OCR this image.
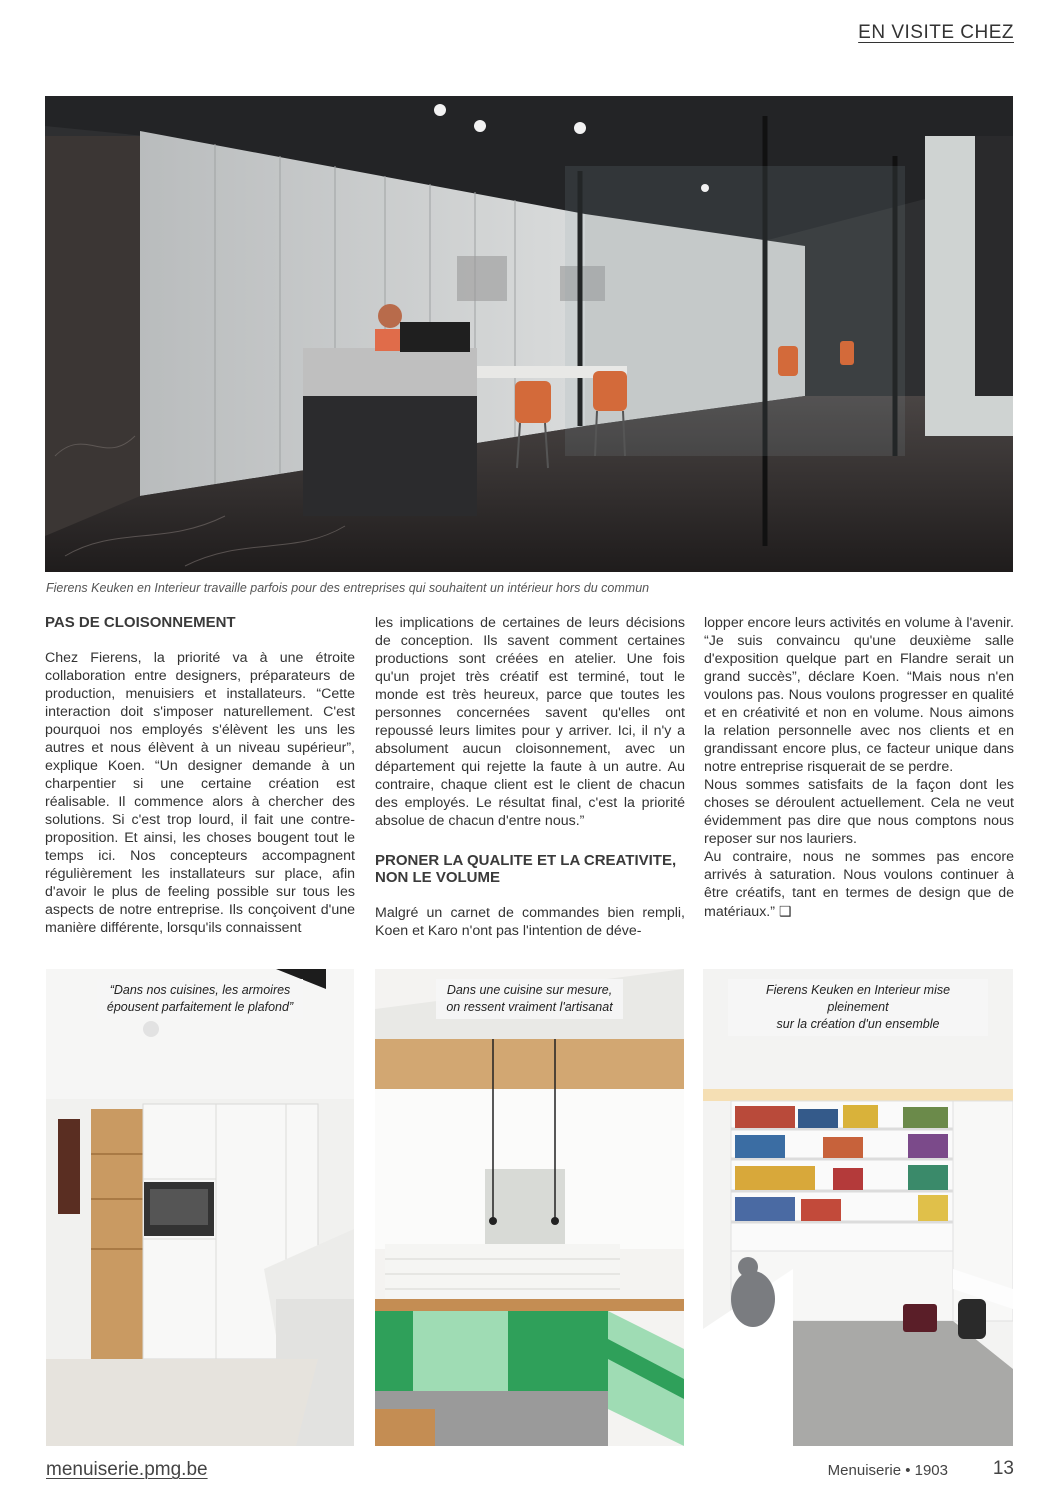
EN VISITE CHEZ
Fierens Keuken en Interieur travaille parfois pour des entreprises qui souhaitent un intérieur hors du commun
PAS DE CLOISONNEMENT

Chez Fierens, la priorité va à une étroite collaboration entre designers, préparateurs de production, menuisiers et installateurs. “Cette interaction doit s'imposer naturellement. C'est pourquoi nos employés s'élèvent les uns les autres et nous élèvent à un niveau supérieur”, explique Koen. “Un designer demande à un charpentier si une certaine création est réalisable. Il commence alors à chercher des solutions. Si c'est trop lourd, il fait une contre-proposition. Et ainsi, les choses bougent tout le temps ici. Nos concepteurs accompagnent régulièrement les installateurs sur place, afin d'avoir le plus de feeling possible sur tous les aspects de notre entreprise. Ils conçoivent d'une manière différente, lorsqu'ils connaissent

les implications de certaines de leurs décisions de conception. Ils savent comment certaines productions sont créées en atelier. Une fois qu'un projet très créatif est terminé, tout le monde est très heureux, parce que toutes les personnes concernées savent qu'elles ont repoussé leurs limites pour y arriver. Ici, il n'y a absolument aucun cloisonnement, avec un département qui rejette la faute à un autre. Au contraire, chaque client est le client de chacun des employés. Le résultat final, c'est la priorité absolue de chacun d'entre nous.”

PRONER LA QUALITE ET LA CREATIVITE, NON LE VOLUME

Malgré un carnet de commandes bien rempli, Koen et Karo n'ont pas l'intention de déve-

lopper encore leurs activités en volume à l'avenir. “Je suis convaincu qu'une deuxième salle d'exposition quelque part en Flandre serait un grand succès”, déclare Koen. “Mais nous n'en voulons pas. Nous voulons progresser en qualité et en créativité et non en volume. Nous aimons la relation personnelle avec nos clients et en grandissant encore plus, ce facteur unique dans notre entreprise risquerait de se perdre.

Nous sommes satisfaits de la façon dont les choses se déroulent actuellement. Cela ne veut évidemment pas dire que nous comptons nous reposer sur nos lauriers.

Au contraire, nous ne sommes pas encore arrivés à saturation. Nous voulons continuer à être créatifs, tant en termes de design que de matériaux.” ❑

“Dans nos cuisines, les armoires
épousent parfaitement le plafond”
Dans une cuisine sur mesure,
on ressent vraiment l'artisanat
Fierens Keuken en Interieur mise pleinement
sur la création d'un ensemble
menuiserie.pmg.be	Menuiserie • 1903 13
